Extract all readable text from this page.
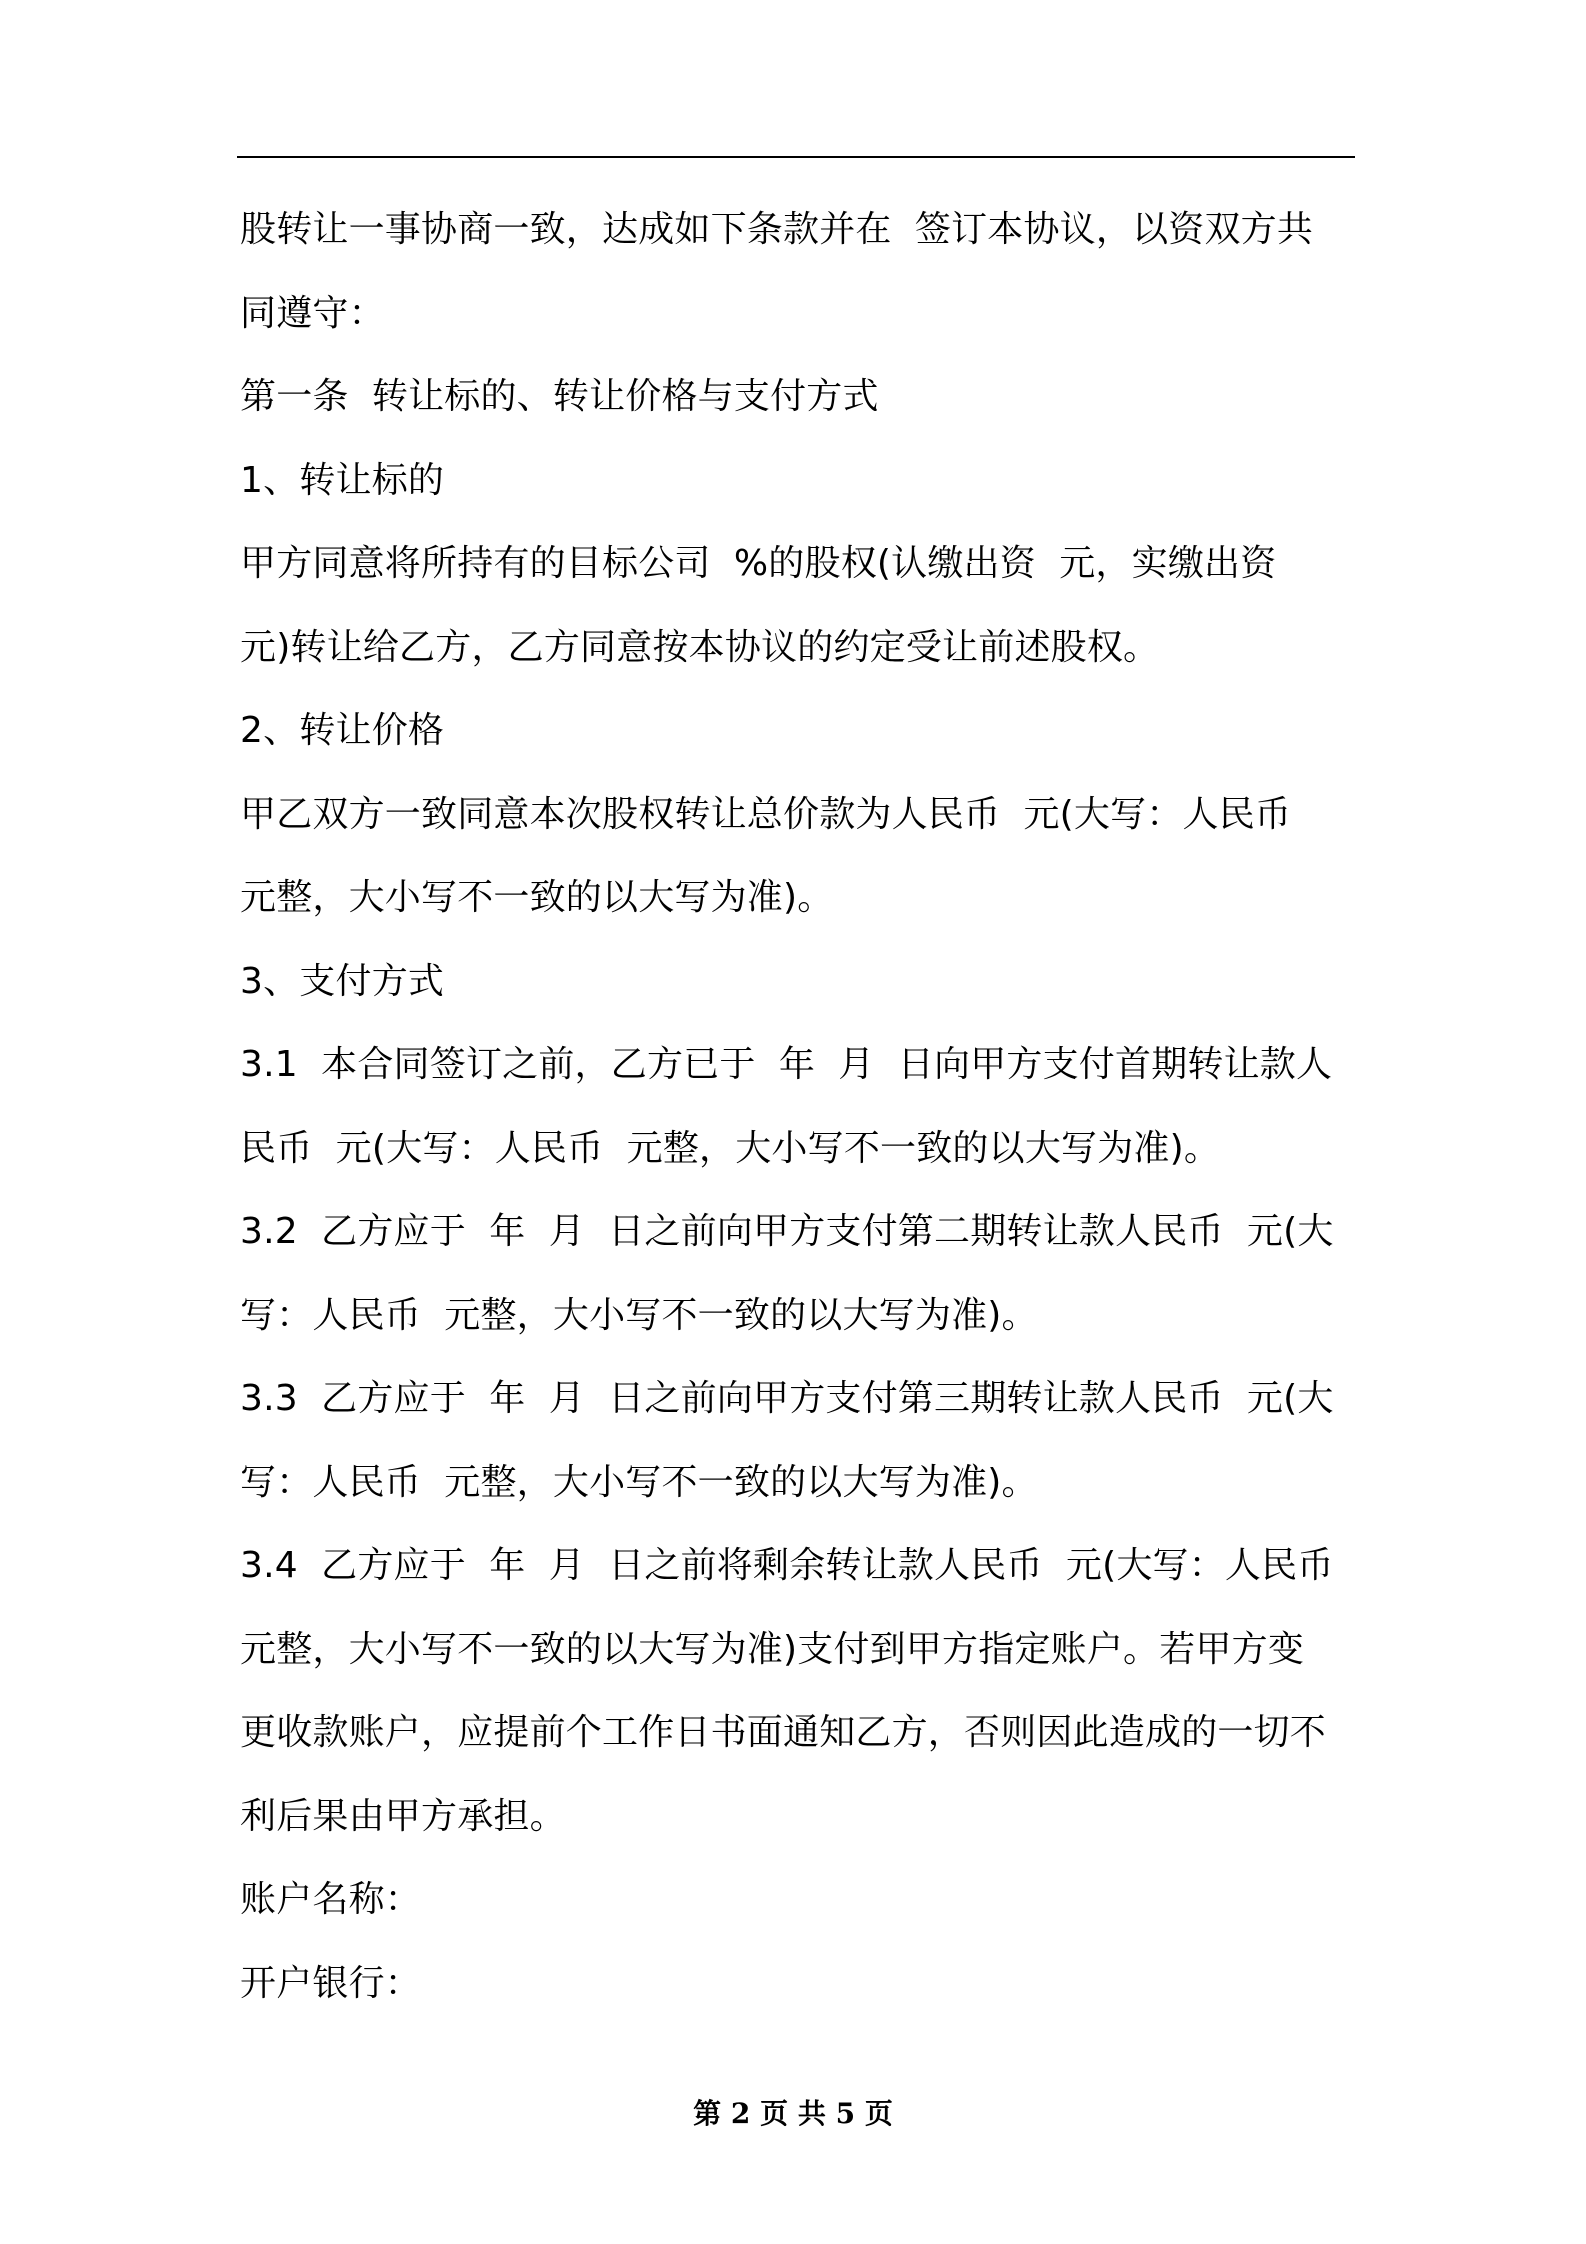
股转让一事协商一致，达成如下条款并在  签订本协议，以资双方共
同遵守：
第一条  转让标的、转让价格与支付方式
1、转让标的
甲方同意将所持有的目标公司  %的股权(认缴出资  元，实缴出资
元)转让给乙方，乙方同意按本协议的约定受让前述股权。
2、转让价格
甲乙双方一致同意本次股权转让总价款为人民币  元(大写：人民币
元整，大小写不一致的以大写为准)。
3、支付方式
3.1  本合同签订之前，乙方已于  年  月  日向甲方支付首期转让款人
民币  元(大写：人民币  元整，大小写不一致的以大写为准)。
3.2  乙方应于  年  月  日之前向甲方支付第二期转让款人民币  元(大
写：人民币  元整，大小写不一致的以大写为准)。
3.3  乙方应于  年  月  日之前向甲方支付第三期转让款人民币  元(大
写：人民币  元整，大小写不一致的以大写为准)。
3.4  乙方应于  年  月  日之前将剩余转让款人民币  元(大写：人民币
元整，大小写不一致的以大写为准)支付到甲方指定账户。若甲方变
更收款账户，应提前个工作日书面通知乙方，否则因此造成的一切不
利后果由甲方承担。
账户名称：
开户银行：
第 2 页 共 5 页
